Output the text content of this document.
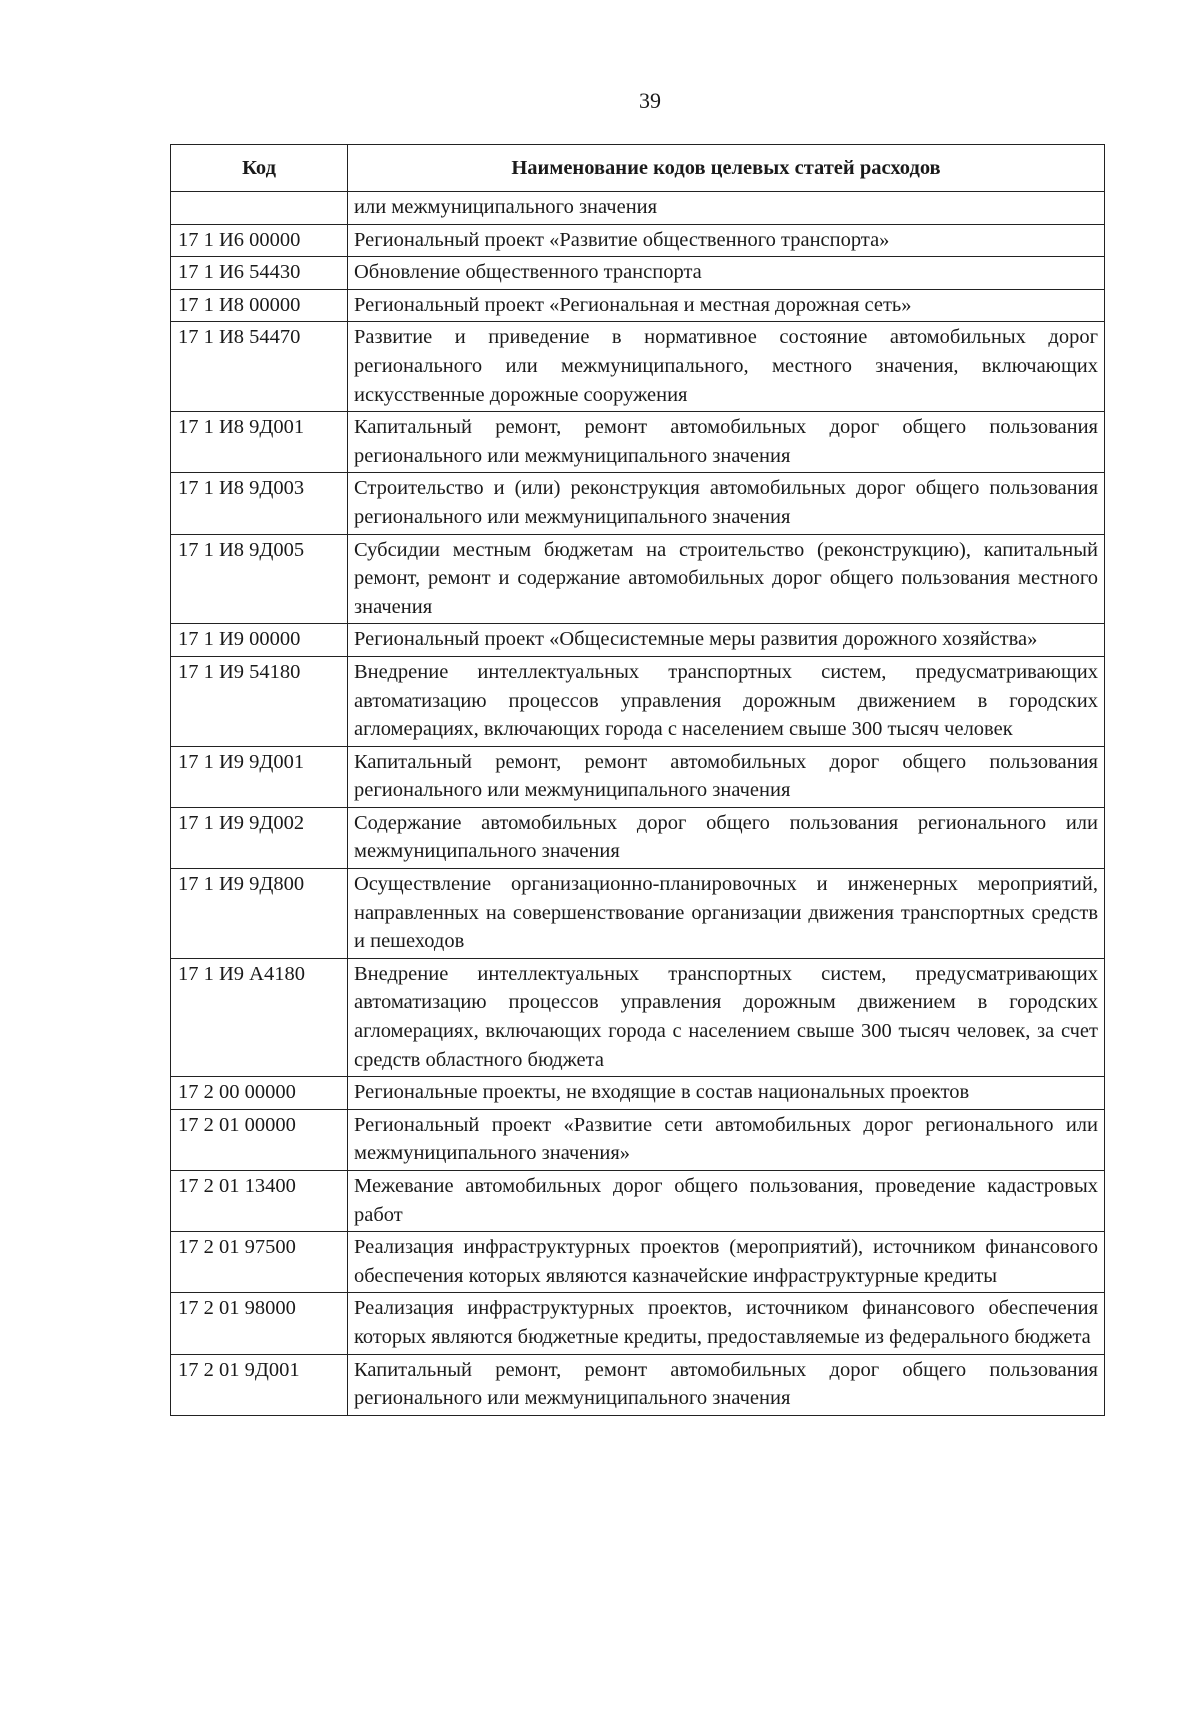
39
Код	Наименование кодов целевых статей расходов
	или межмуниципального значения
17 1 И6 00000	Региональный проект «Развитие общественного транспорта»
17 1 И6 54430	Обновление общественного транспорта
17 1 И8 00000	Региональный проект «Региональная и местная дорожная сеть»
17 1 И8 54470	Развитие и приведение в нормативное состояние автомобильных дорог регионального или межмуниципального, местного значения, включающих искусственные дорожные сооружения
17 1 И8 9Д001	Капитальный ремонт, ремонт автомобильных дорог общего пользования регионального или межмуниципального значения
17 1 И8 9Д003	Строительство и (или) реконструкция автомобильных дорог общего пользования регионального или межмуниципального значения
17 1 И8 9Д005	Субсидии местным бюджетам на строительство (реконструкцию), капитальный ремонт, ремонт и содержание автомобильных дорог общего пользования местного значения
17 1 И9 00000	Региональный проект «Общесистемные меры развития дорожного хозяйства»
17 1 И9 54180	Внедрение интеллектуальных транспортных систем, предусматривающих автоматизацию процессов управления дорожным движением в городских агломерациях, включающих города с населением свыше 300 тысяч человек
17 1 И9 9Д001	Капитальный ремонт, ремонт автомобильных дорог общего пользования регионального или межмуниципального значения
17 1 И9 9Д002	Содержание автомобильных дорог общего пользования регионального или межмуниципального значения
17 1 И9 9Д800	Осуществление организационно-планировочных и инженерных мероприятий, направленных на совершенствование организации движения транспортных средств и пешеходов
17 1 И9 А4180	Внедрение интеллектуальных транспортных систем, предусматривающих автоматизацию процессов управления дорожным движением в городских агломерациях, включающих города с населением свыше 300 тысяч человек, за счет средств областного бюджета
17 2 00 00000	Региональные проекты, не входящие в состав национальных проектов
17 2 01 00000	Региональный проект «Развитие сети автомобильных дорог регионального или межмуниципального значения»
17 2 01 13400	Межевание автомобильных дорог общего пользования, проведение кадастровых работ
17 2 01 97500	Реализация инфраструктурных проектов (мероприятий), источником финансового обеспечения которых являются казначейские инфраструктурные кредиты
17 2 01 98000	Реализация инфраструктурных проектов, источником финансового обеспечения которых являются бюджетные кредиты, предоставляемые из федерального бюджета
17 2 01 9Д001	Капитальный ремонт, ремонт автомобильных дорог общего пользования регионального или межмуниципального значения
